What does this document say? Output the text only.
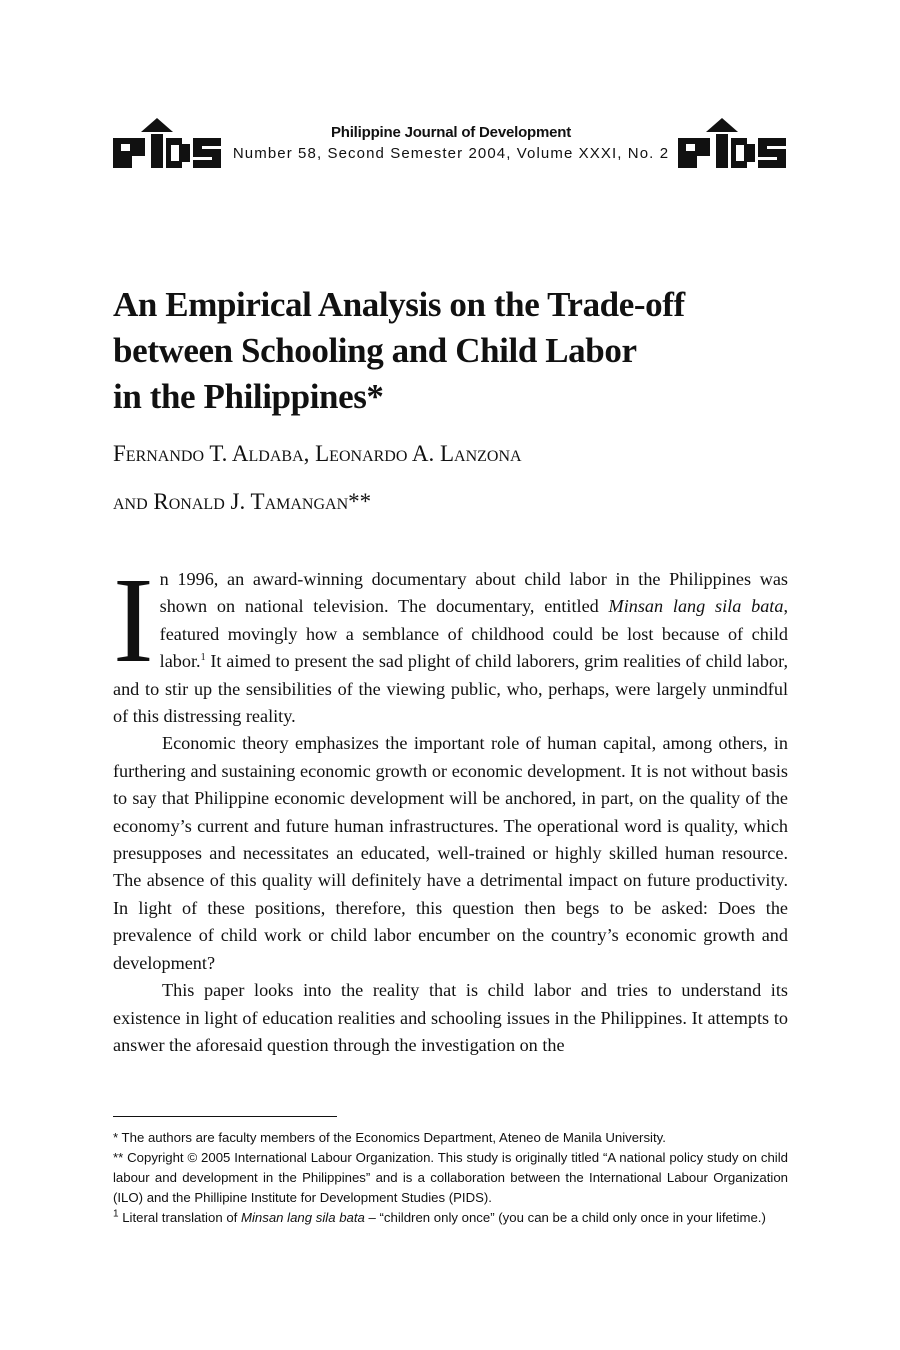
Philippine Journal of Development
Number 58, Second Semester 2004, Volume XXXI, No. 2
An Empirical Analysis on the Trade-off
between Schooling and Child Labor
in the Philippines*
Fernando T. Aldaba, Leonardo A. Lanzona
and Ronald J. Tamangan**

In 1996, an award-winning documentary about child labor in the Philippines was shown on national television. The documentary, entitled Minsan lang sila bata, featured movingly how a semblance of childhood could be lost because of child labor.$^1$ It aimed to present the sad plight of child laborers, grim realities of child labor, and to stir up the sensibilities of the viewing public, who, perhaps, were largely unmindful of this distressing reality.

Economic theory emphasizes the important role of human capital, among others, in furthering and sustaining economic growth or economic development. It is not without basis to say that Philippine economic development will be anchored, in part, on the quality of the economy’s current and future human infrastructures. The operational word is quality, which presupposes and necessitates an educated, well-trained or highly skilled human resource. The absence of this quality will definitely have a detrimental impact on future productivity. In light of these positions, therefore, this question then begs to be asked: Does the prevalence of child work or child labor encumber on the country’s economic growth and development?

This paper looks into the reality that is child labor and tries to understand its existence in light of education realities and schooling issues in the Philippines. It attempts to answer the aforesaid question through the investigation on the

* The authors are faculty members of the Economics Department, Ateneo de Manila University.

** Copyright © 2005 International Labour Organization. This study is originally titled “A national policy study on child labour and development in the Philippines” and is a collaboration between the International Labour Organization (ILO) and the Phillipine Institute for Development Studies (PIDS).

$^1$ Literal translation of Minsan lang sila bata – “children only once” (you can be a child only once in your lifetime.)
